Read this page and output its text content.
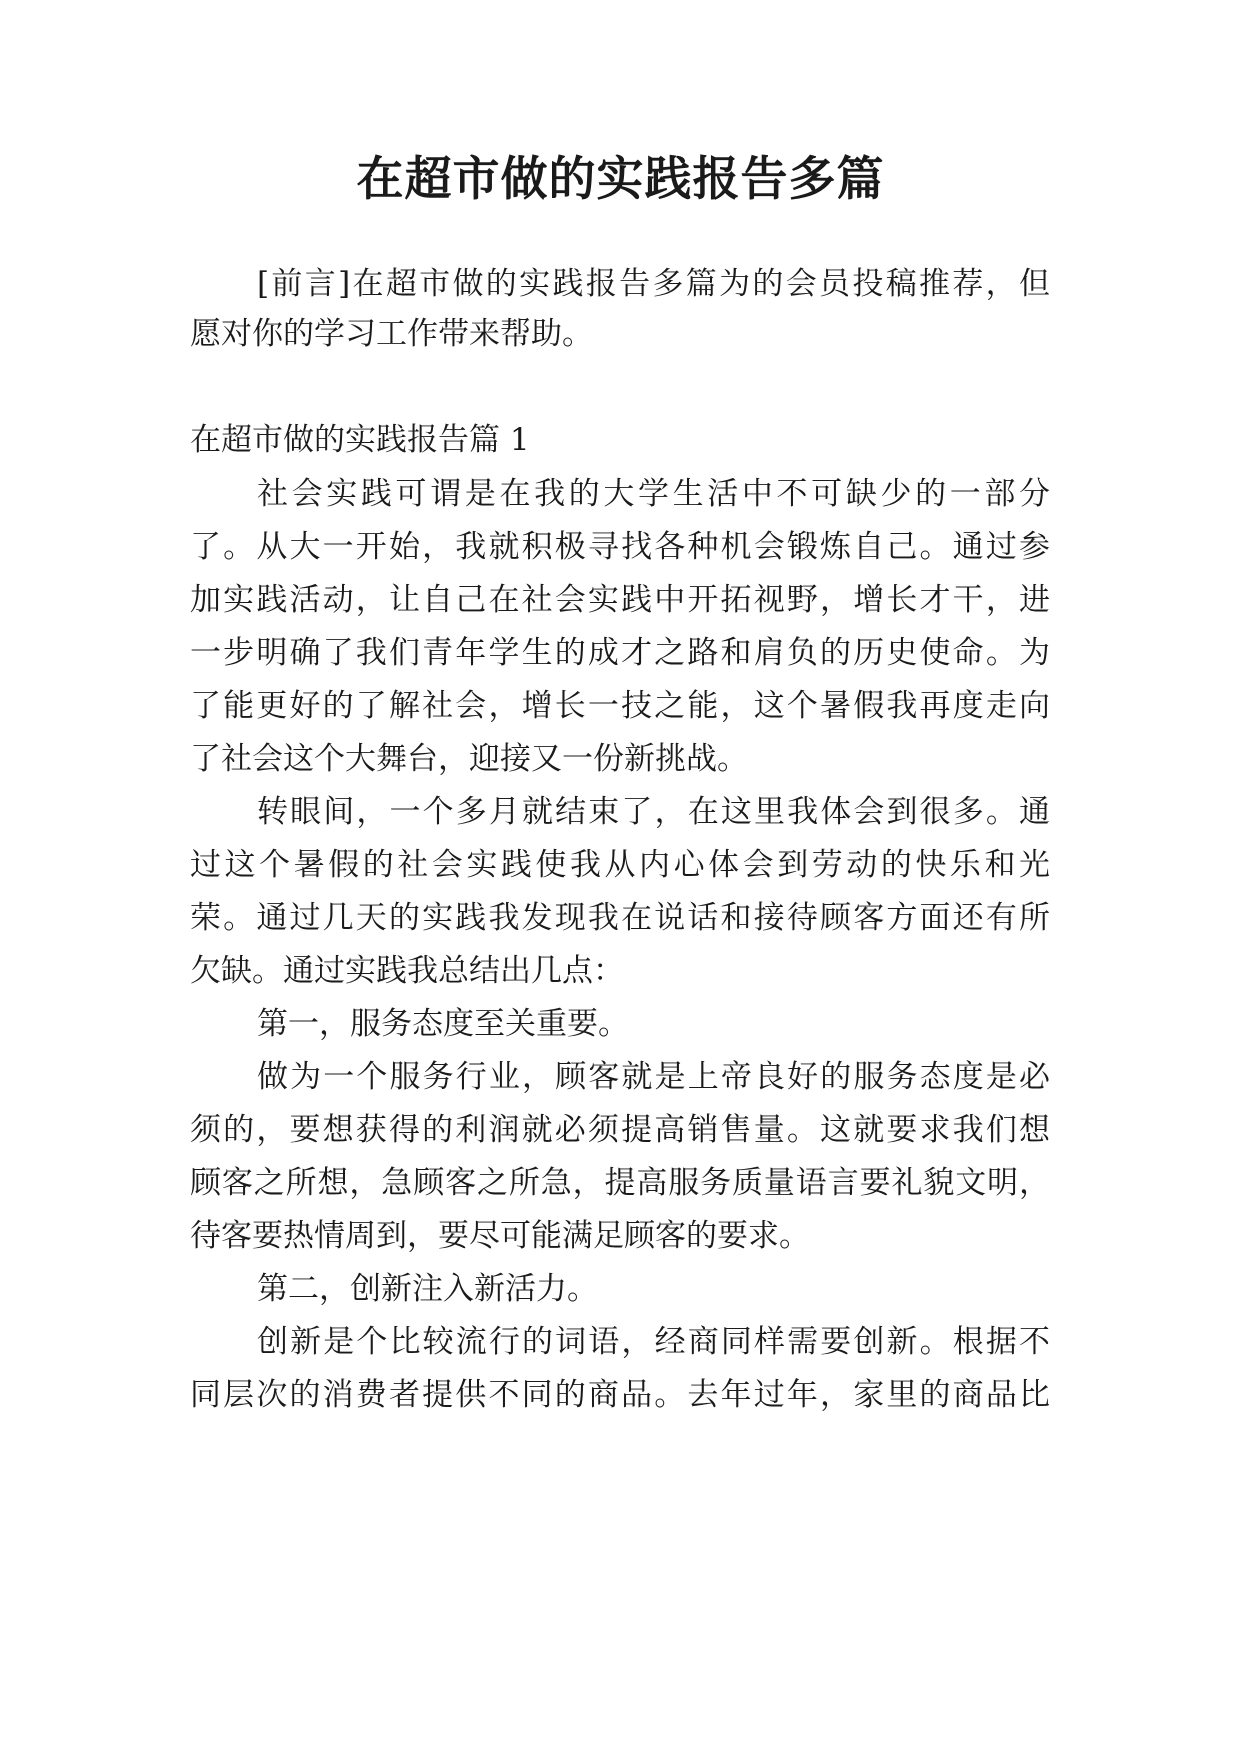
在超市做的实践报告多篇

[前言]在超市做的实践报告多篇为的会员投稿推荐，但

愿对你的学习工作带来帮助。

在超市做的实践报告篇 1

社会实践可谓是在我的大学生活中不可缺少的一部分

了。从大一开始，我就积极寻找各种机会锻炼自己。通过参

加实践活动，让自己在社会实践中开拓视野，增长才干，进

一步明确了我们青年学生的成才之路和肩负的历史使命。为

了能更好的了解社会，增长一技之能，这个暑假我再度走向

了社会这个大舞台，迎接又一份新挑战。

转眼间，一个多月就结束了，在这里我体会到很多。通

过这个暑假的社会实践使我从内心体会到劳动的快乐和光

荣。通过几天的实践我发现我在说话和接待顾客方面还有所

欠缺。通过实践我总结出几点：

第一，服务态度至关重要。

做为一个服务行业，顾客就是上帝良好的服务态度是必

须的，要想获得的利润就必须提高销售量。这就要求我们想

顾客之所想，急顾客之所急，提高服务质量语言要礼貌文明，

待客要热情周到，要尽可能满足顾客的要求。

第二，创新注入新活力。

创新是个比较流行的词语，经商同样需要创新。根据不

同层次的消费者提供不同的商品。去年过年，家里的商品比
